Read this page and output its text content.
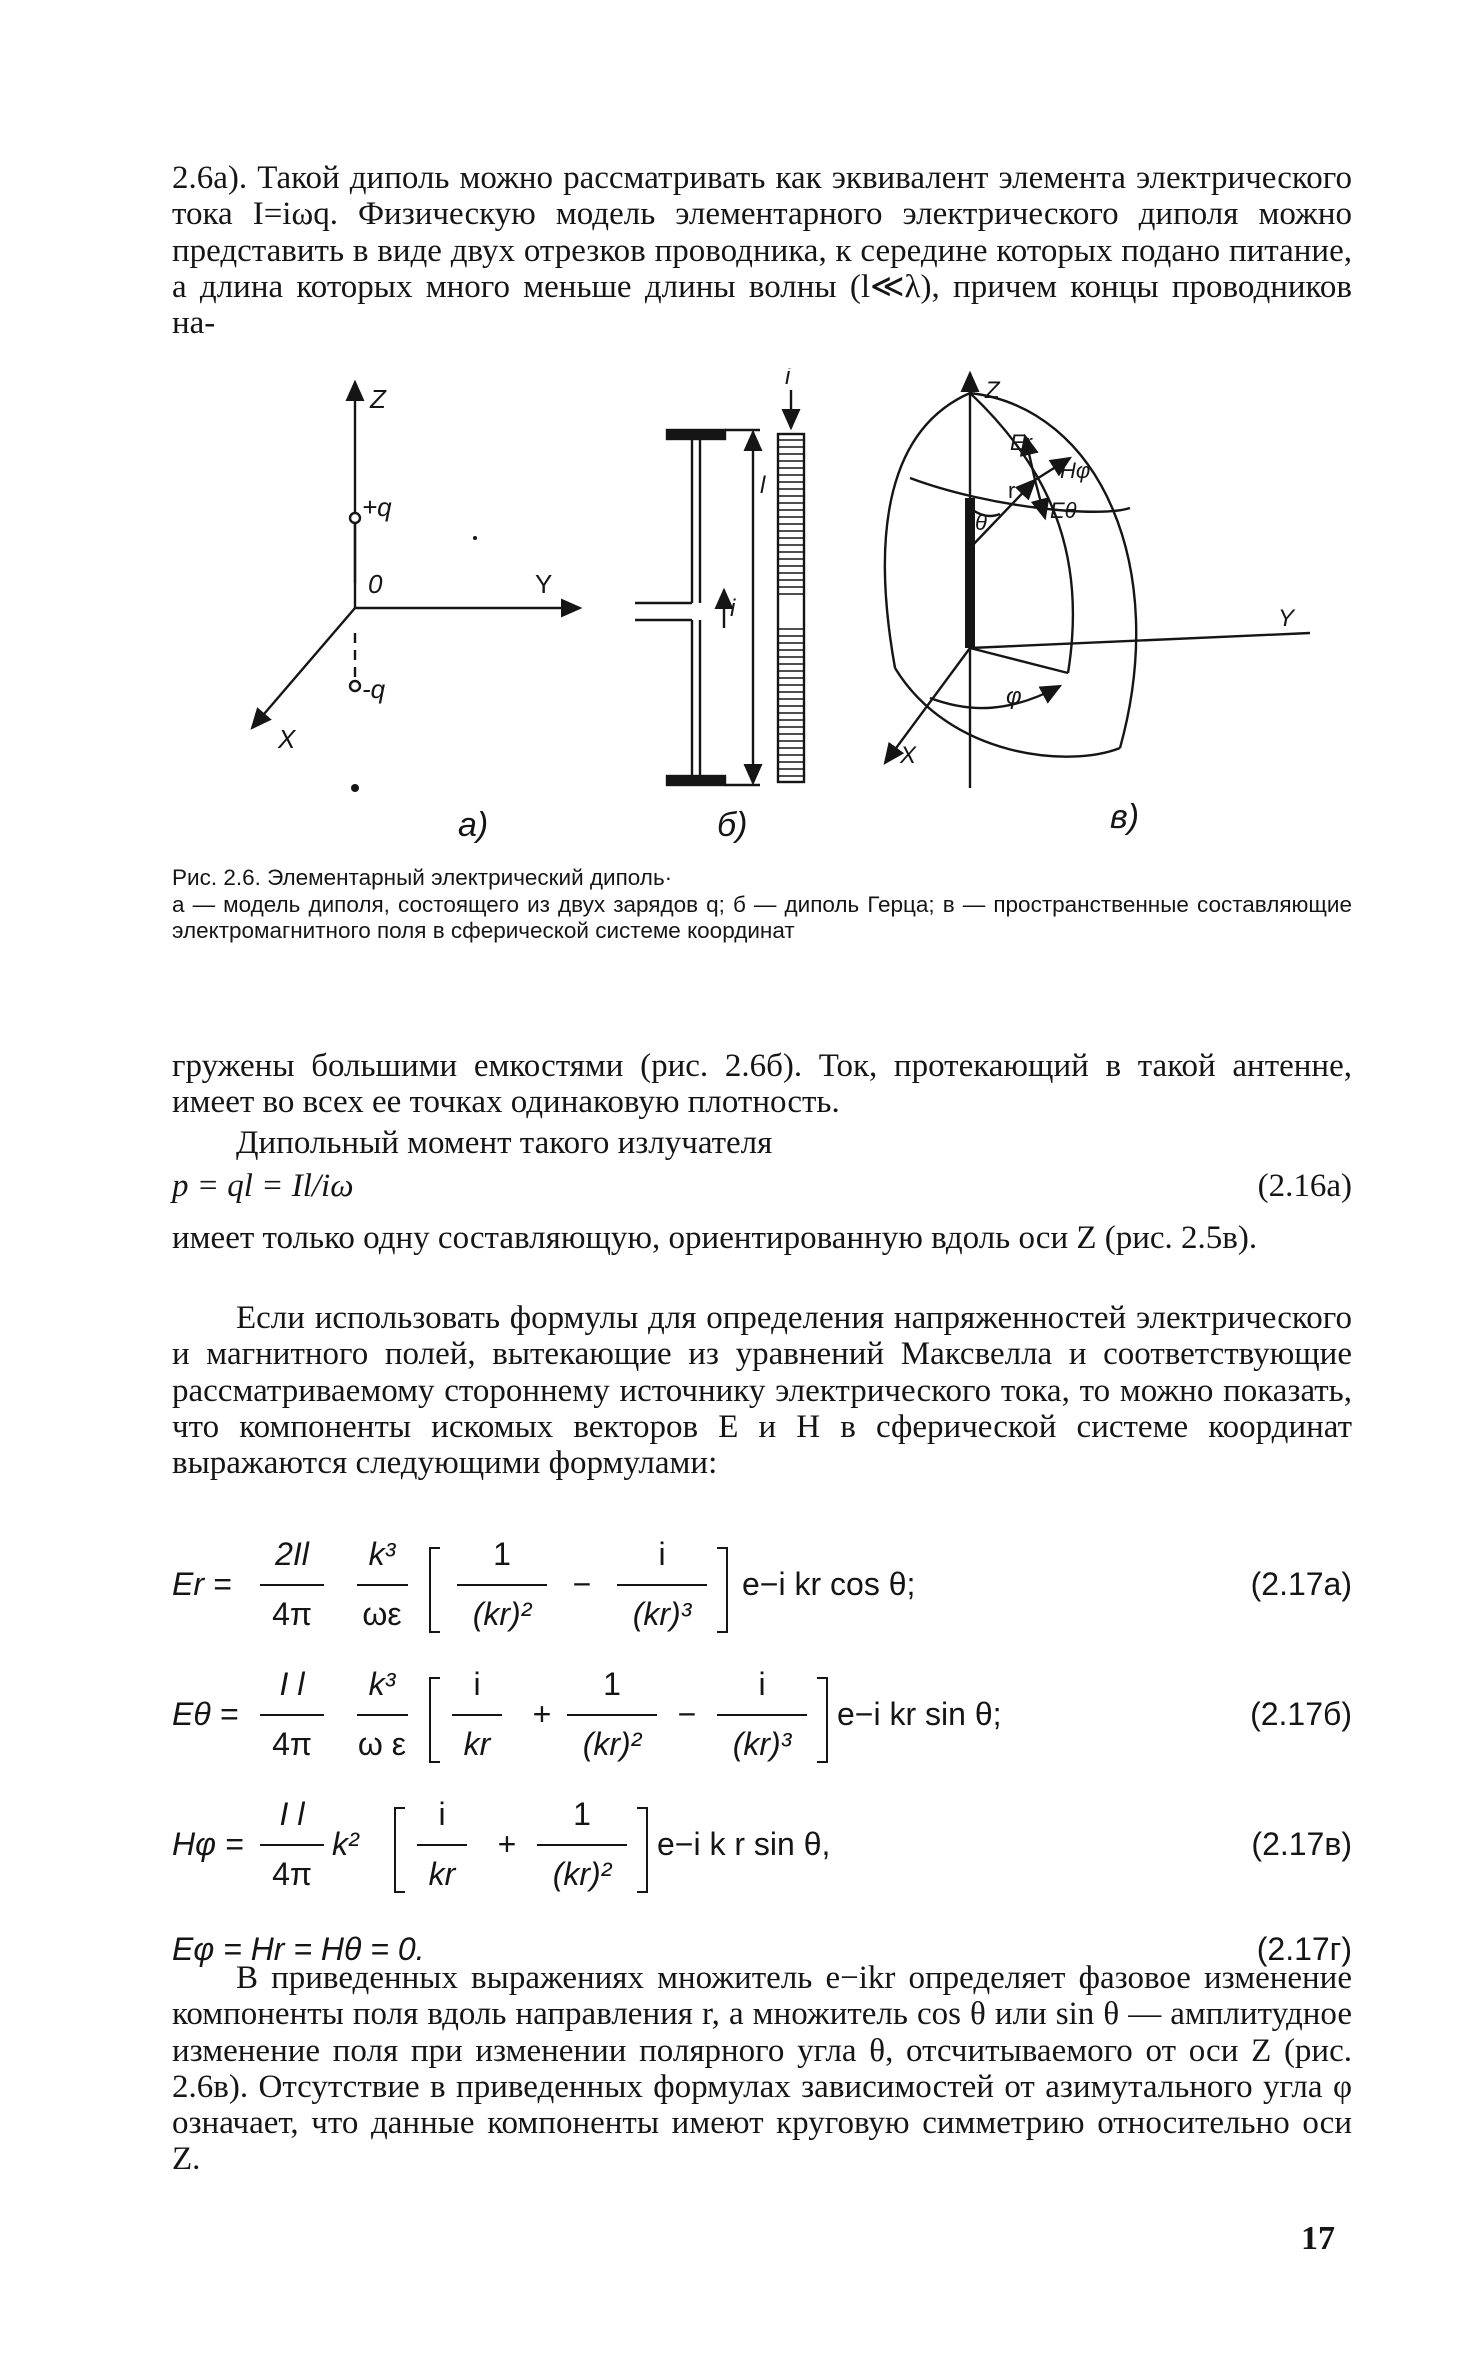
2.6а). Такой диполь можно рассматривать как эквивалент элемента электрического тока I=iωq. Физическую модель элементарного электрического диполя можно представить в виде двух отрезков проводника, к середине которых подано питание, а длина которых много меньше длины волны (l≪λ), причем концы проводников на-

Z
+q
0	Y
-q
X
а)
i
i
l
б)
Z
Er
Hφ
Eθ
r
θ
Y
φ
X
в)

Рис. 2.6. Элементарный электрический диполь·

а — модель диполя, состоящего из двух зарядов q; б — диполь Герца; в — пространственные составляющие электромагнитного поля в сферической системе координат

гружены большими емкостями (рис. 2.6б). Ток, протекающий в такой антенне, имеет во всех ее точках одинаковую плотность.

Дипольный момент такого излучателя

p = ql = Il/iω	(2.16а)

имеет только одну составляющую, ориентированную вдоль оси Z (рис. 2.5в).

Если использовать формулы для определения напряженностей электрического и магнитного полей, вытекающие из уравнений Максвелла и соответствующие рассматриваемому стороннему источнику электрического тока, то можно показать, что компоненты искомых векторов E и H в сферической системе координат выражаются следующими формулами:

Er =
2Il
4π
k³
ωε
1
(kr)²
−
i
(kr)³
e−i kr cos θ;	(2.17а)
Eθ =
I l
4π
k³
ω ε
i
kr
+
1
(kr)²
−
i
(kr)³
e−i kr sin θ;	(2.17б)
Hφ =
I l
4π
k²
i
kr
+
1
(kr)²
e−i k r sin θ,	(2.17в)
Eφ = Hr = Hθ = 0.	(2.17г)

В приведенных выражениях множитель e−ikr определяет фазовое изменение компоненты поля вдоль направления r, а множитель cos θ или sin θ — амплитудное изменение поля при изменении полярного угла θ, отсчитываемого от оси Z (рис. 2.6в). Отсутствие в приведенных формулах зависимостей от азимутального угла φ означает, что данные компоненты имеют круговую симметрию относительно оси Z.

17
